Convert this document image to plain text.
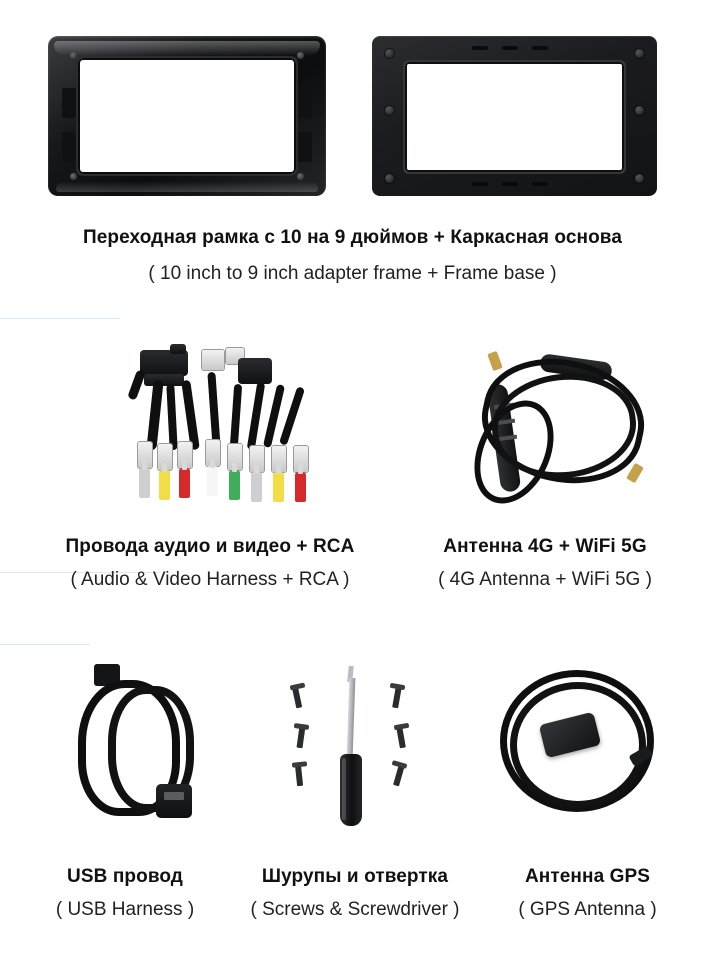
Переходная рамка с 10 на 9 дюймов + Каркасная основа
( 10 inch to 9 inch adapter frame + Frame base )
Провода аудио и видео + RCA
( Audio & Video Harness + RCA )
Антенна 4G + WiFi 5G
( 4G Antenna + WiFi 5G )
USB провод	Шурупы и отвертка	Антенна GPS
( USB Harness )	( Screws & Screwdriver )	( GPS Antenna )
